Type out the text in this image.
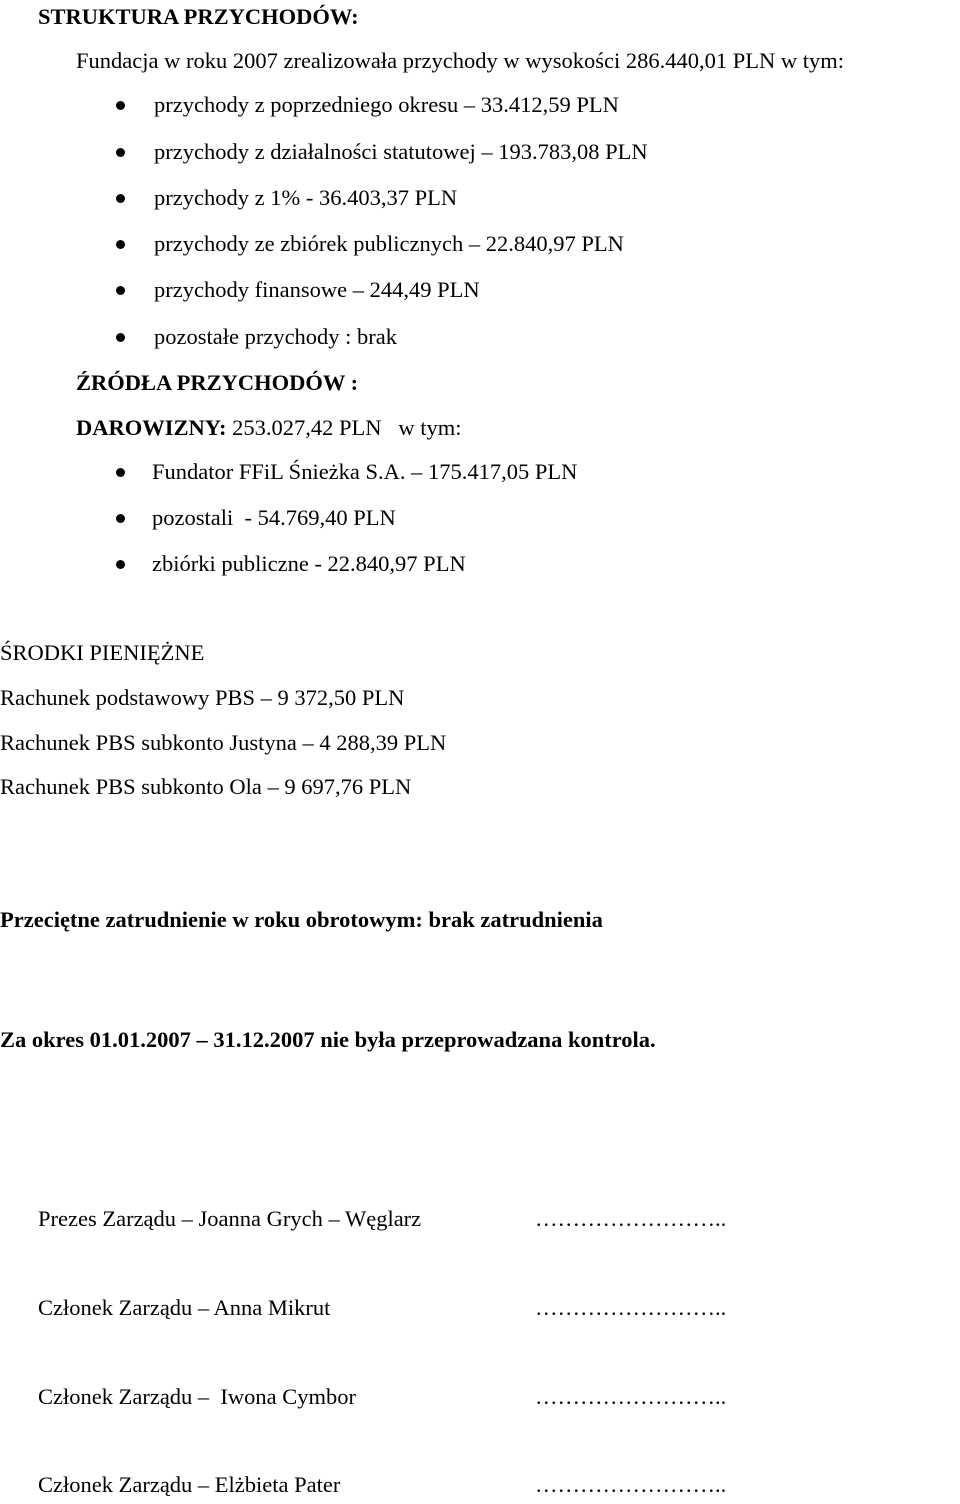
STRUKTURA PRZYCHODÓW:
Fundacja w roku 2007 zrealizowała przychody w wysokości 286.440,01 PLN w tym:
przychody z poprzedniego okresu – 33.412,59 PLN
przychody z działalności statutowej – 193.783,08 PLN
przychody z 1% - 36.403,37 PLN
przychody ze zbiórek publicznych – 22.840,97 PLN
przychody finansowe – 244,49 PLN
pozostałe przychody : brak
ŹRÓDŁA PRZYCHODÓW :
DAROWIZNY: 253.027,42 PLN   w tym:
Fundator FFiL Śnieżka S.A. – 175.417,05 PLN
pozostali  - 54.769,40 PLN
zbiórki publiczne - 22.840,97 PLN
ŚRODKI PIENIĘŻNE
Rachunek podstawowy PBS – 9 372,50 PLN
Rachunek PBS subkonto Justyna – 4 288,39 PLN
Rachunek PBS subkonto Ola – 9 697,76 PLN
Przeciętne zatrudnienie w roku obrotowym: brak zatrudnienia
Za okres 01.01.2007 – 31.12.2007 nie była przeprowadzana kontrola.
Prezes Zarządu – Joanna Grych – Węglarz	……………………..
Członek Zarządu – Anna Mikrut	……………………..
Członek Zarządu –  Iwona Cymbor	……………………..
Członek Zarządu – Elżbieta Pater	……………………..
